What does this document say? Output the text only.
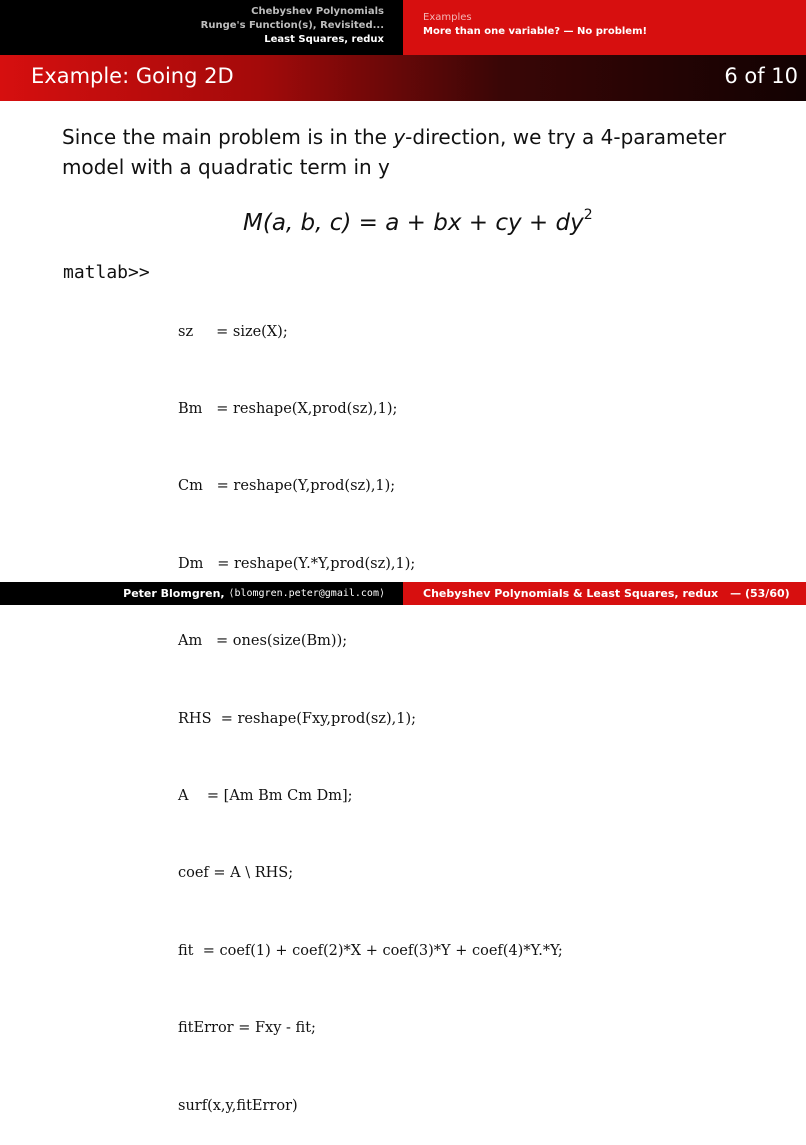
Chebyshev Polynomials
Runge's Function(s), Revisited...
Least Squares, redux
Examples
More than one variable? — No problem!
Example: Going 2D	6 of 10
Since the main problem is in the y-direction, we try a 4-parameter model with a quadratic term in y
M(a, b, c) = a + bx + cy + $dy^2$
matlab>>

sz     = size(X);

Bm   = reshape(X,prod(sz),1);

Cm   = reshape(Y,prod(sz),1);

Dm   = reshape(Y.*Y,prod(sz),1);

Am   = ones(size(Bm));

RHS  = reshape(Fxy,prod(sz),1);

A    = [Am Bm Cm Dm];

coef = A \ RHS;

fit  = coef(1) + coef(2)*X + coef(3)*Y + coef(4)*Y.*Y;

fitError = Fxy - fit;

surf(x,y,fitError)

Peter Blomgren,
⟨blomgren.peter@gmail.com⟩	Chebyshev Polynomials & Least Squares, redux — (53/60)
